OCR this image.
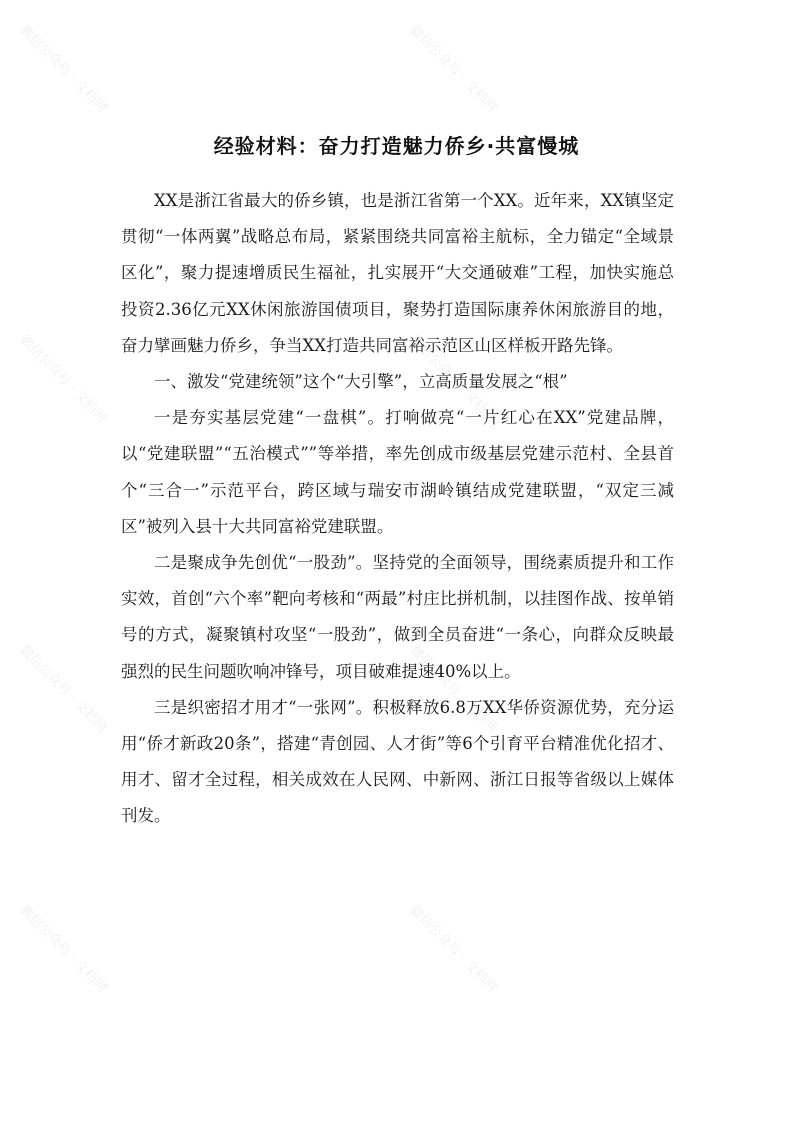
微信公众号 · 文档网	微信公众号 · 文档网
微信公众号 · 文档网	微信公众号 · 文档网
微信公众号 · 文档网	微信公众号 · 文档网
微信公众号 · 文档网	微信公众号 · 文档网
经验材料：奋力打造魅力侨乡·共富慢城

XX是浙江省最大的侨乡镇，也是浙江省第一个XX。近年来，XX镇坚定贯彻“一体两翼”战略总布局，紧紧围绕共同富裕主航标，全力锚定“全域景区化”，聚力提速增质民生福祉，扎实展开“大交通破难”工程，加快实施总投资2.36亿元XX休闲旅游国债项目，聚势打造国际康养休闲旅游目的地，奋力擘画魅力侨乡，争当XX打造共同富裕示范区山区样板开路先锋。

一、激发“党建统领”这个“大引擎”，立高质量发展之“根”

一是夯实基层党建“一盘棋”。打响做亮“一片红心在XX”党建品牌，以“党建联盟”“五治模式””等举措，率先创成市级基层党建示范村、全县首个“三合一”示范平台，跨区域与瑞安市湖岭镇结成党建联盟，“双定三减区”被列入县十大共同富裕党建联盟。

二是聚成争先创优“一股劲”。坚持党的全面领导，围绕素质提升和工作实效，首创“六个率”靶向考核和“两最”村庄比拼机制，以挂图作战、按单销号的方式，凝聚镇村攻坚“一股劲”，做到全员奋进“一条心，向群众反映最强烈的民生问题吹响冲锋号，项目破难提速40%以上。

三是织密招才用才“一张网”。积极释放6.8万XX华侨资源优势，充分运用“侨才新政20条”，搭建“青创园、人才街”等6个引育平台精准优化招才、用才、留才全过程，相关成效在人民网、中新网、浙江日报等省级以上媒体刊发。
